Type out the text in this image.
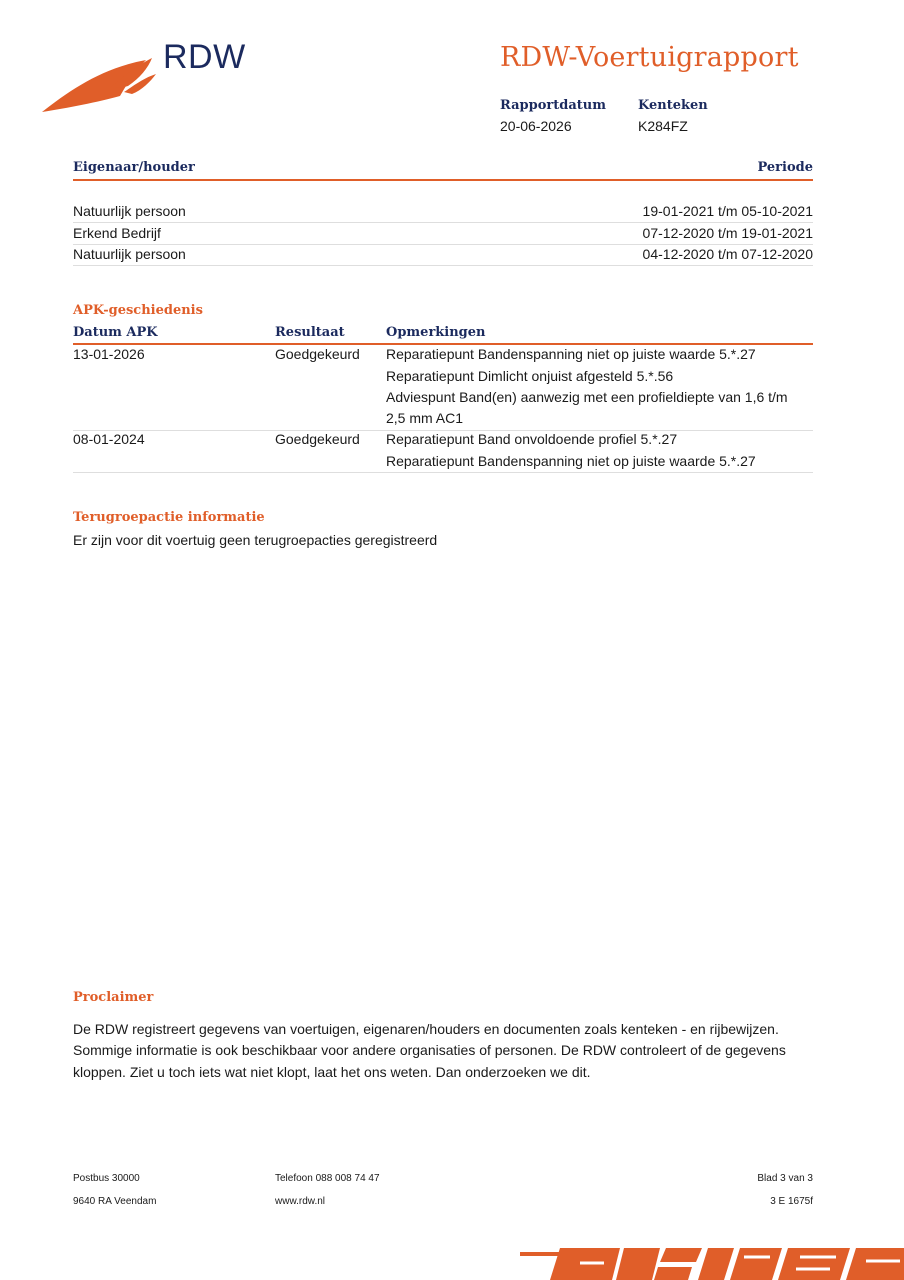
RDW	RDW-Voertuigrapport
Rapportdatum
20-06-2026
Kenteken
K284FZ
Eigenaar/houder	Periode
Natuurlijk persoon	19-01-2021 t/m 05-10-2021
Erkend Bedrijf	07-12-2020 t/m 19-01-2021
Natuurlijk persoon	04-12-2020 t/m 07-12-2020
APK-geschiedenis
Datum APK	Resultaat	Opmerkingen
13-01-2026	Goedgekeurd Reparatiepunt Bandenspanning niet op juiste waarde 5.*.27
Reparatiepunt Dimlicht onjuist afgesteld 5.*.56
Adviespunt Band(en) aanwezig met een profieldiepte van 1,6 t/m
2,5 mm AC1
08-01-2024	Goedgekeurd Reparatiepunt Band onvoldoende profiel 5.*.27
Reparatiepunt Bandenspanning niet op juiste waarde 5.*.27
Terugroepactie informatie
Er zijn voor dit voertuig geen terugroepacties geregistreerd
Proclaimer
De RDW registreert gegevens van voertuigen, eigenaren/houders en documenten zoals kenteken - en rijbewijzen.
Sommige informatie is ook beschikbaar voor andere organisaties of personen. De RDW controleert of de gegevens
kloppen. Ziet u toch iets wat niet klopt, laat het ons weten. Dan onderzoeken we dit.
Postbus 30000
9640 RA Veendam
Telefoon 088 008 74 47
www.rdw.nl
Blad 3 van 3
3 E 1675f
